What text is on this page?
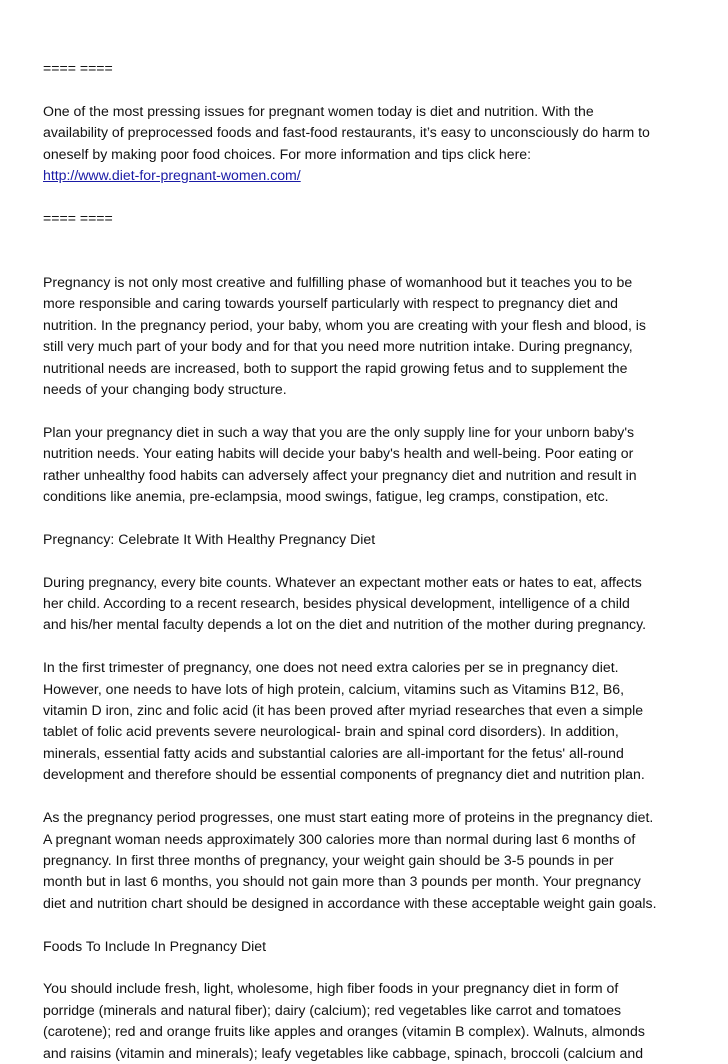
==== ====
One of the most pressing issues for pregnant women today is diet and nutrition. With the
availability of preprocessed foods and fast-food restaurants, it’s easy to unconsciously do harm to
oneself by making poor food choices. For more information and tips click here:
http://www.diet-for-pregnant-women.com/
==== ====
Pregnancy is not only most creative and fulfilling phase of womanhood but it teaches you to be
more responsible and caring towards yourself particularly with respect to pregnancy diet and
nutrition. In the pregnancy period, your baby, whom you are creating with your flesh and blood, is
still very much part of your body and for that you need more nutrition intake. During pregnancy,
nutritional needs are increased, both to support the rapid growing fetus and to supplement the
needs of your changing body structure.
Plan your pregnancy diet in such a way that you are the only supply line for your unborn baby's
nutrition needs. Your eating habits will decide your baby's health and well-being. Poor eating or
rather unhealthy food habits can adversely affect your pregnancy diet and nutrition and result in
conditions like anemia, pre-eclampsia, mood swings, fatigue, leg cramps, constipation, etc.
Pregnancy: Celebrate It With Healthy Pregnancy Diet
During pregnancy, every bite counts. Whatever an expectant mother eats or hates to eat, affects
her child. According to a recent research, besides physical development, intelligence of a child
and his/her mental faculty depends a lot on the diet and nutrition of the mother during pregnancy.
In the first trimester of pregnancy, one does not need extra calories per se in pregnancy diet.
However, one needs to have lots of high protein, calcium, vitamins such as Vitamins B12, B6,
vitamin D iron, zinc and folic acid (it has been proved after myriad researches that even a simple
tablet of folic acid prevents severe neurological- brain and spinal cord disorders). In addition,
minerals, essential fatty acids and substantial calories are all-important for the fetus' all-round
development and therefore should be essential components of pregnancy diet and nutrition plan.
As the pregnancy period progresses, one must start eating more of proteins in the pregnancy diet.
A pregnant woman needs approximately 300 calories more than normal during last 6 months of
pregnancy. In first three months of pregnancy, your weight gain should be 3-5 pounds in per
month but in last 6 months, you should not gain more than 3 pounds per month. Your pregnancy
diet and nutrition chart should be designed in accordance with these acceptable weight gain goals.
Foods To Include In Pregnancy Diet
You should include fresh, light, wholesome, high fiber foods in your pregnancy diet in form of
porridge (minerals and natural fiber); dairy (calcium); red vegetables like carrot and tomatoes
(carotene); red and orange fruits like apples and oranges (vitamin B complex). Walnuts, almonds
and raisins (vitamin and minerals); leafy vegetables like cabbage, spinach, broccoli (calcium and
